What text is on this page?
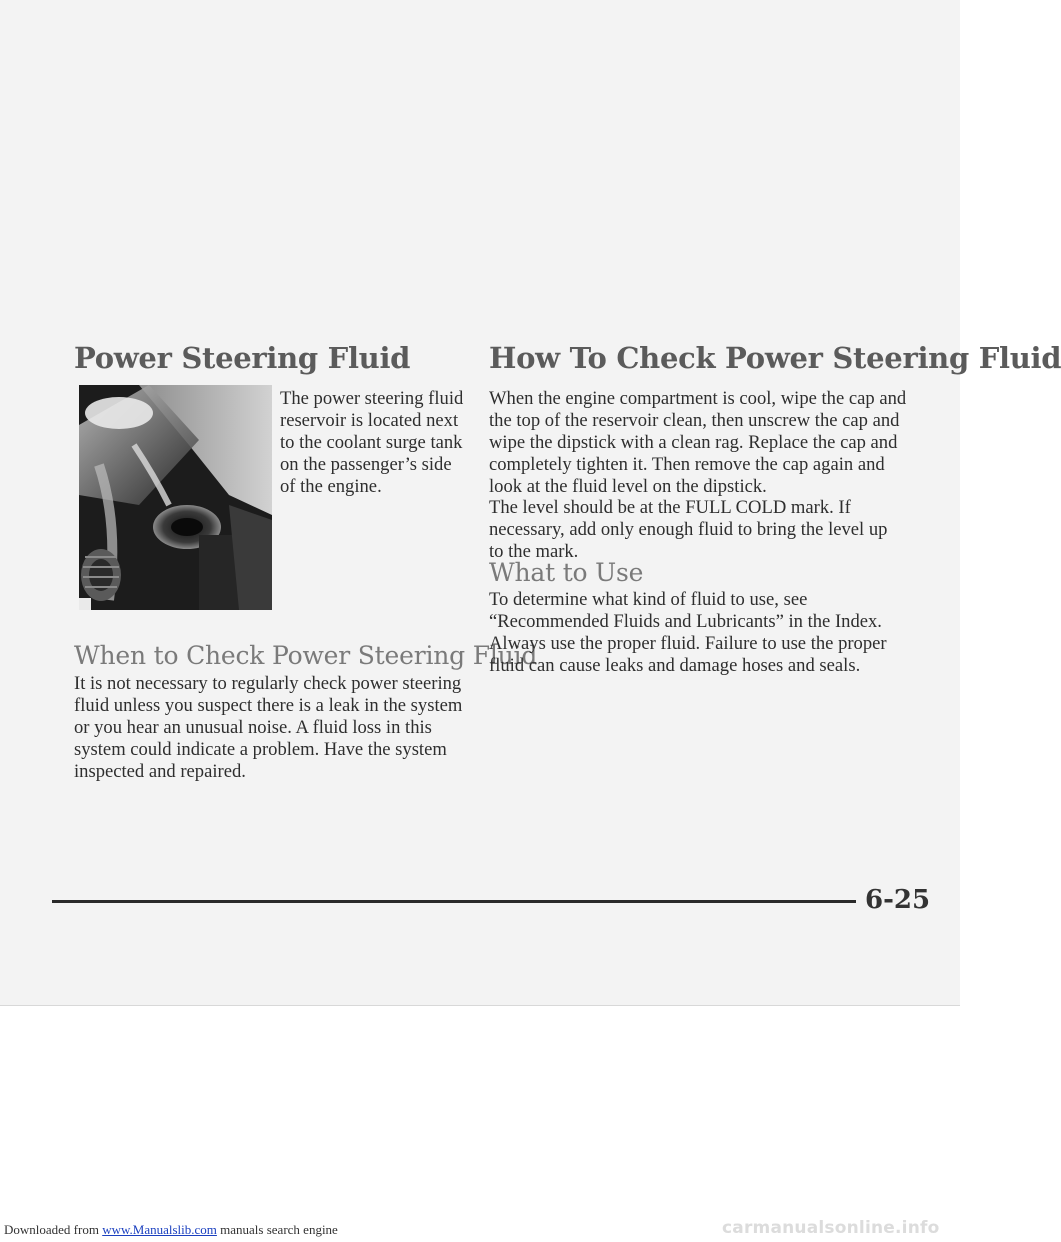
Power Steering Fluid

The power steering fluid reservoir is located next to the coolant surge tank on the passenger’s side of the engine.

When to Check Power Steering Fluid

It is not necessary to regularly check power steering fluid unless you suspect there is a leak in the system or you hear an unusual noise. A fluid loss in this system could indicate a problem. Have the system inspected and repaired.

How To Check Power Steering Fluid

When the engine compartment is cool, wipe the cap and the top of the reservoir clean, then unscrew the cap and wipe the dipstick with a clean rag. Replace the cap and completely tighten it. Then remove the cap again and look at the fluid level on the dipstick.

The level should be at the FULL COLD mark. If necessary, add only enough fluid to bring the level up to the mark.

What to Use

To determine what kind of fluid to use, see “Recommended Fluids and Lubricants” in the Index. Always use the proper fluid. Failure to use the proper fluid can cause leaks and damage hoses and seals.

6-25
Downloaded from www.Manualslib.com manuals search engine	carmanualsonline.info
